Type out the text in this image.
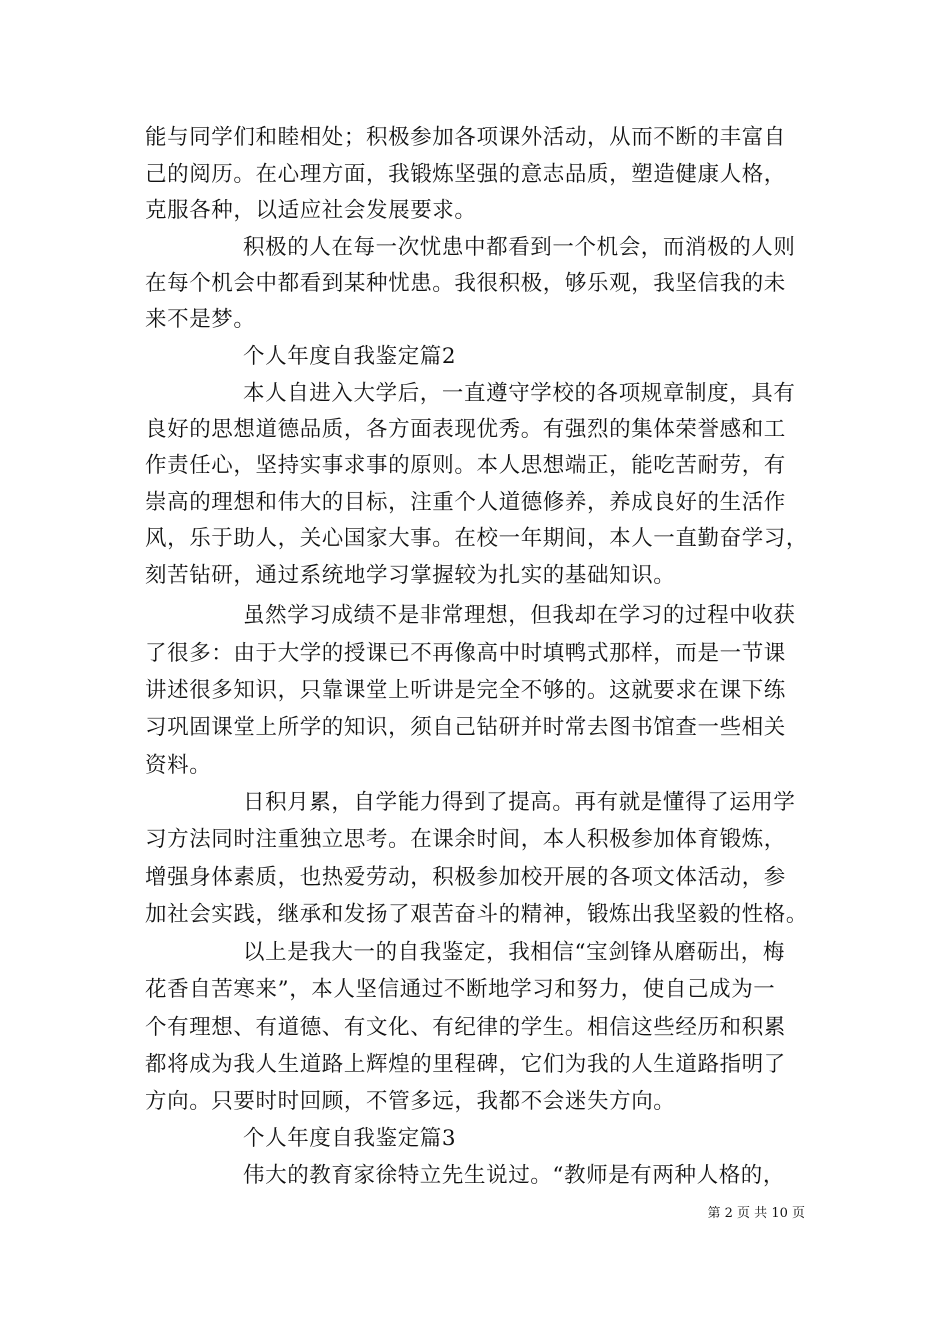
能与同学们和睦相处；积极参加各项课外活动，从而不断的丰富自
己的阅历。在心理方面，我锻炼坚强的意志品质，塑造健康人格，
克服各种，以适应社会发展要求。
积极的人在每一次忧患中都看到一个机会，而消极的人则
在每个机会中都看到某种忧患。我很积极，够乐观，我坚信我的未
来不是梦。
个人年度自我鉴定篇2
本人自进入大学后，一直遵守学校的各项规章制度，具有
良好的思想道德品质，各方面表现优秀。有强烈的集体荣誉感和工
作责任心，坚持实事求事的原则。本人思想端正，能吃苦耐劳，有
崇高的理想和伟大的目标，注重个人道德修养，养成良好的生活作
风，乐于助人，关心国家大事。在校一年期间，本人一直勤奋学习，
刻苦钻研，通过系统地学习掌握较为扎实的基础知识。
虽然学习成绩不是非常理想，但我却在学习的过程中收获
了很多：由于大学的授课已不再像高中时填鸭式那样，而是一节课
讲述很多知识，只靠课堂上听讲是完全不够的。这就要求在课下练
习巩固课堂上所学的知识，须自己钻研并时常去图书馆查一些相关
资料。
日积月累，自学能力得到了提高。再有就是懂得了运用学
习方法同时注重独立思考。在课余时间，本人积极参加体育锻炼，
增强身体素质，也热爱劳动，积极参加校开展的各项文体活动，参
加社会实践，继承和发扬了艰苦奋斗的精神，锻炼出我坚毅的性格。
以上是我大一的自我鉴定，我相信“宝剑锋从磨砺出，梅
花香自苦寒来”，本人坚信通过不断地学习和努力，使自己成为一
个有理想、有道德、有文化、有纪律的学生。相信这些经历和积累
都将成为我人生道路上辉煌的里程碑，它们为我的人生道路指明了
方向。只要时时回顾，不管多远，我都不会迷失方向。
个人年度自我鉴定篇3
伟大的教育家徐特立先生说过。“教师是有两种人格的，
第 2 页 共 10 页
